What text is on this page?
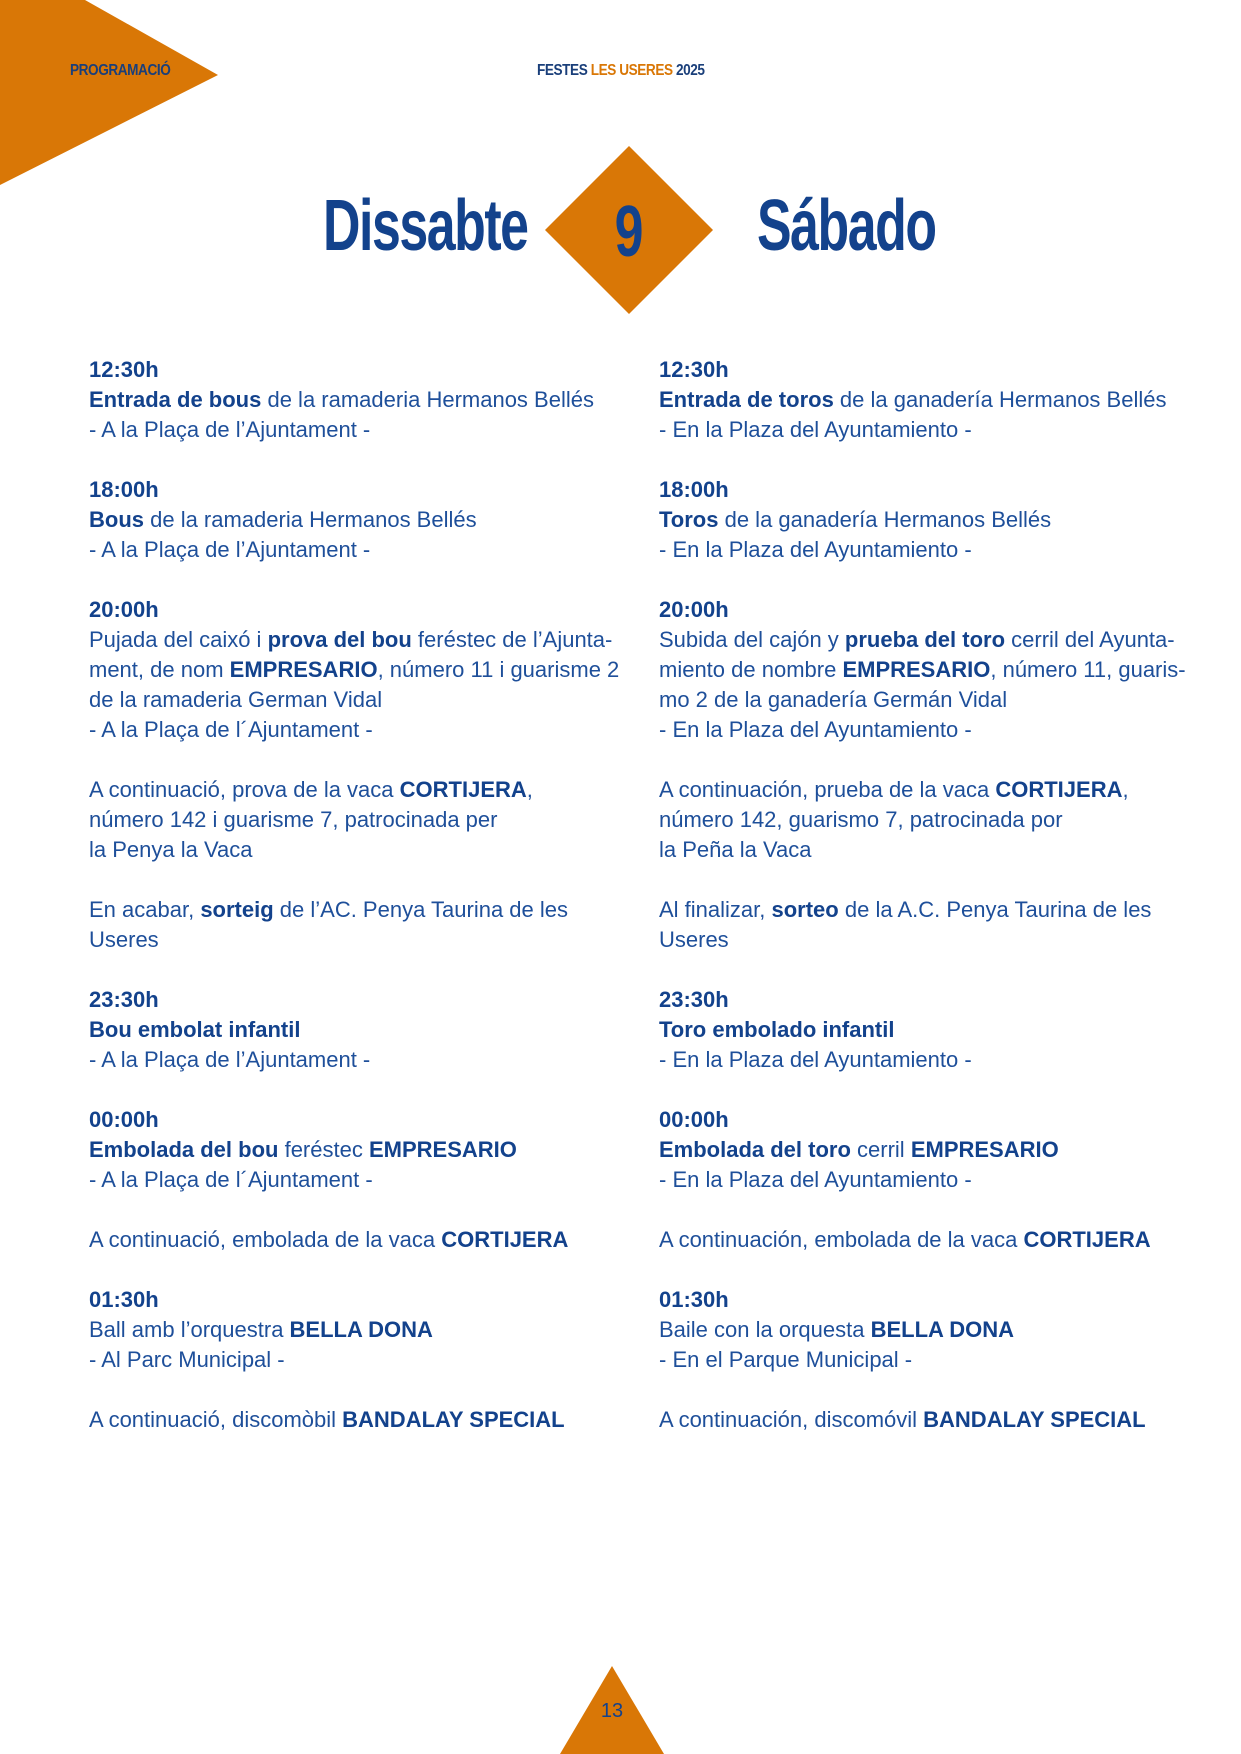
PROGRAMACIÓ	FESTES LES USERES 2025
Dissabte	9	Sábado
12:30h
Entrada de bous de la ramaderia Hermanos Bellés
- A la Plaça de l’Ajuntament -
18:00h
Bous de la ramaderia Hermanos Bellés
- A la Plaça de l’Ajuntament -
20:00h
Pujada del caixó i prova del bou feréstec de l’Ajunta-
ment, de nom EMPRESARIO, número 11 i guarisme 2
de la ramaderia German Vidal
- A la Plaça de l´Ajuntament -
A continuació, prova de la vaca CORTIJERA,
número 142 i guarisme 7, patrocinada per
la Penya la Vaca
En acabar, sorteig de l’AC. Penya Taurina de les
Useres
23:30h
Bou embolat infantil
- A la Plaça de l’Ajuntament -
00:00h
Embolada del bou feréstec EMPRESARIO
- A la Plaça de l´Ajuntament -
A continuació, embolada de la vaca CORTIJERA
01:30h
Ball amb l’orquestra BELLA DONA
- Al Parc Municipal -
A continuació, discomòbil BANDALAY SPECIAL
12:30h
Entrada de toros de la ganadería Hermanos Bellés
- En la Plaza del Ayuntamiento -
18:00h
Toros de la ganadería Hermanos Bellés
- En la Plaza del Ayuntamiento -
20:00h
Subida del cajón y prueba del toro cerril del Ayunta-
miento de nombre EMPRESARIO, número 11, guaris-
mo 2 de la ganadería Germán Vidal
- En la Plaza del Ayuntamiento -
A continuación, prueba de la vaca CORTIJERA,
número 142, guarismo 7, patrocinada por
la Peña la Vaca
Al finalizar, sorteo de la A.C. Penya Taurina de les
Useres
23:30h
Toro embolado infantil
- En la Plaza del Ayuntamiento -
00:00h
Embolada del toro cerril EMPRESARIO
- En la Plaza del Ayuntamiento -
A continuación, embolada de la vaca CORTIJERA
01:30h
Baile con la orquesta BELLA DONA
- En el Parque Municipal -
A continuación, discomóvil BANDALAY SPECIAL
13
